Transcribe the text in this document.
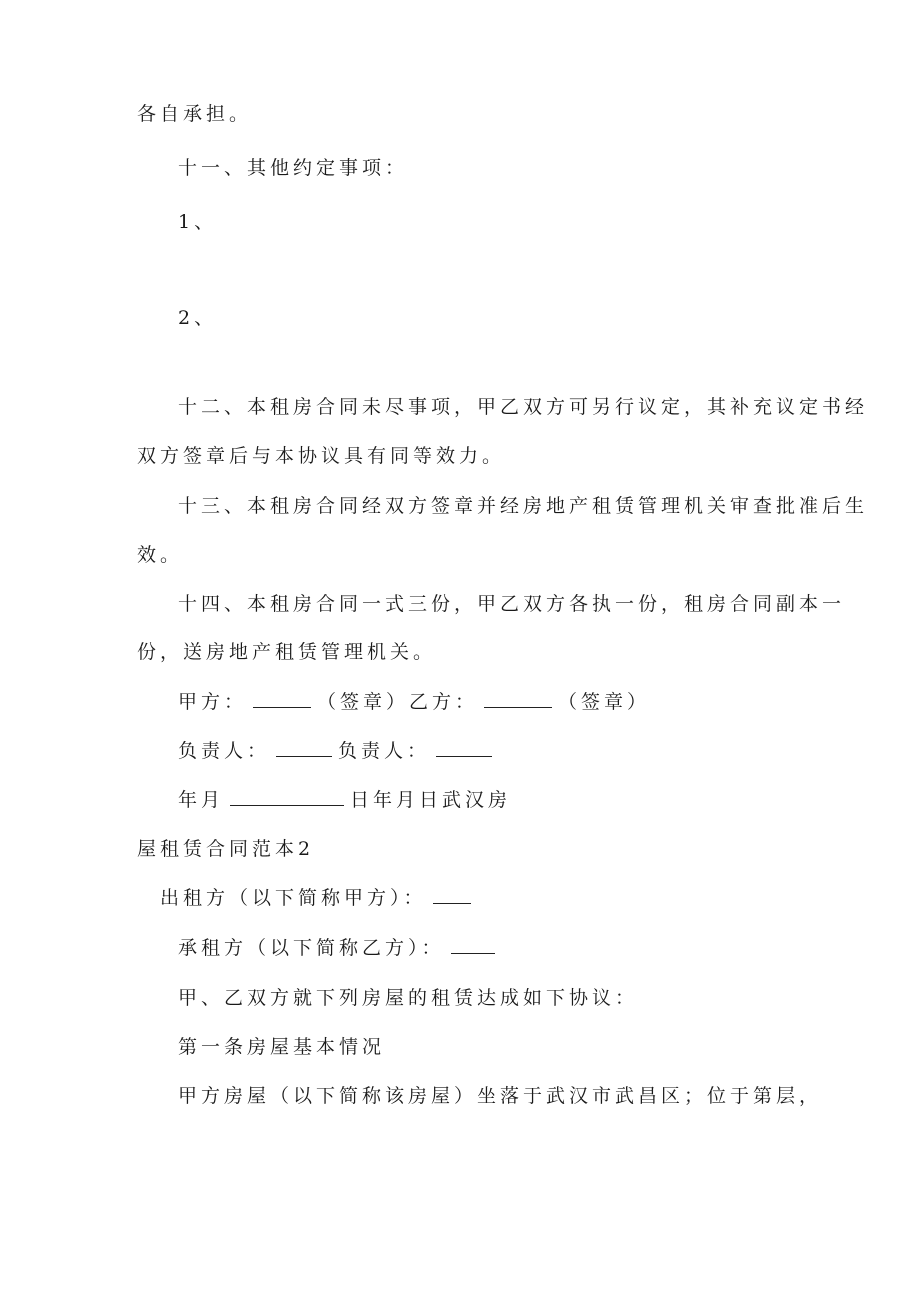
各自承担。
十一、其他约定事项：
1、
2、
十二、本租房合同未尽事项，甲乙双方可另行议定，其补充议定书经
双方签章后与本协议具有同等效力。
十三、本租房合同经双方签章并经房地产租赁管理机关审查批准后生
效。
十四、本租房合同一式三份，甲乙双方各执一份，租房合同副本一
份，送房地产租赁管理机关。
甲方：	（签章）乙方：	（签章）
负责人：	负责人：
年月	日年月日武汉房
屋租赁合同范本2
出租方（以下简称甲方）：
承租方（以下简称乙方）：
甲、乙双方就下列房屋的租赁达成如下协议：
第一条房屋基本情况
甲方房屋（以下简称该房屋）坐落于武汉市武昌区；位于第层，
